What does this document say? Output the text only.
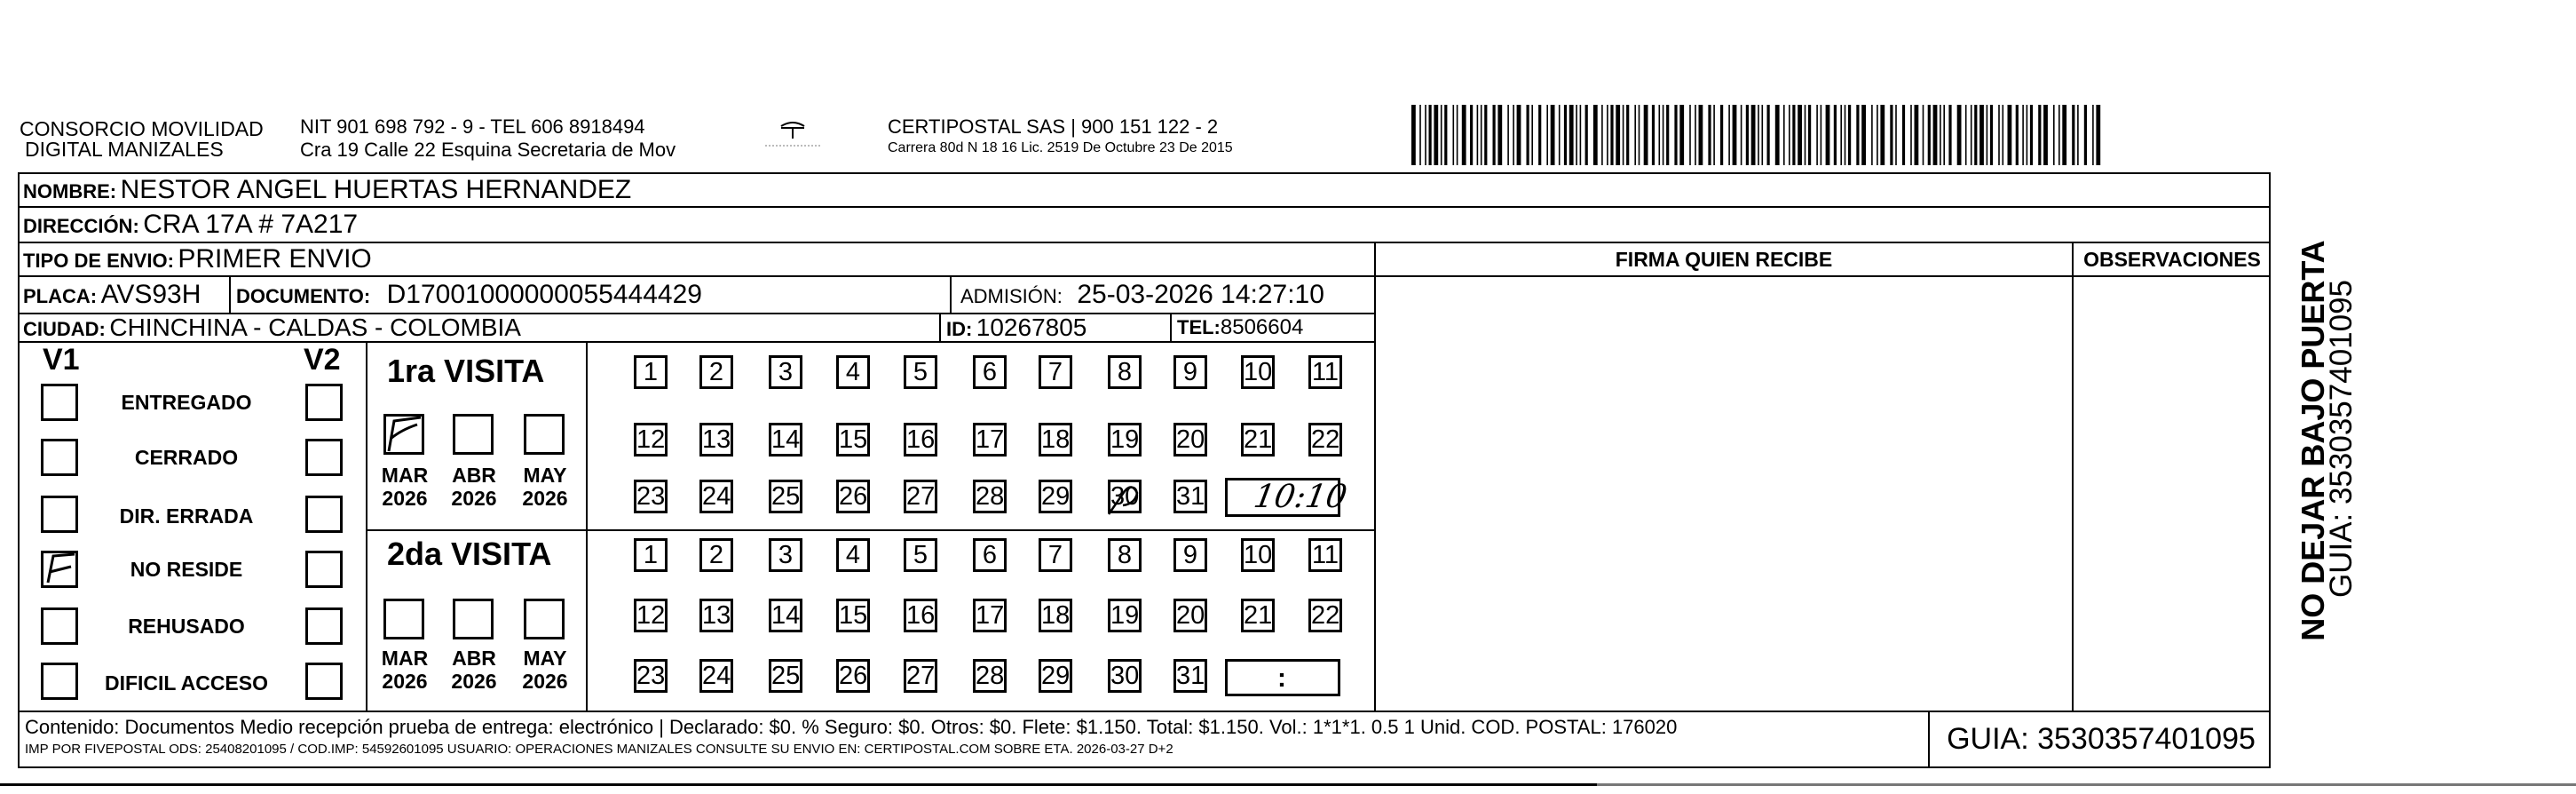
CONSORCIO MOVILIDAD
DIGITAL MANIZALES
NIT 901 698 792 - 9 - TEL 606 8918494
Cra 19 Calle 22 Esquina Secretaria de Mov
CERTIPOSTAL SAS | 900 151 122 - 2
Carrera 80d N 18 16 Lic. 2519 De Octubre 23 De 2015
NOMBRE: NESTOR ANGEL HUERTAS HERNANDEZ
DIRECCIÓN: CRA 17A # 7A217
TIPO DE ENVIO: PRIMER ENVIO	FIRMA QUIEN RECIBE	OBSERVACIONES
PLACA: AVS93H DOCUMENTO: D17001000000055444429	ADMISIÓN: 25-03-2026 14:27:10
CIUDAD: CHINCHINA - CALDAS - COLOMBIA	ID: 10267805	TEL:8506604
V1	V2
ENTREGADO
CERRADO
DIR. ERRADA
NO RESIDE
REHUSADO
DIFICIL ACCESO
1ra VISITA
MAR
2026
ABR
2026
MAY
2026
1	2	3	4	5	6	7	8	9	10 11
12 13 14 15 16 17 18 19 20 21 22
23 24 25 26 27 28 29 30 31 10:10
2da VISITA
MAR
2026
ABR
2026
MAY
2026
1	2	3	4	5	6	7	8	9	10 11
12 13 14 15 16 17 18 19 20 21 22
23 24 25 26 27 28 29 30 31	:
Contenido: Documentos Medio recepción prueba de entrega: electrónico | Declarado: $0. % Seguro: $0. Otros: $0. Flete: $1.150. Total: $1.150. Vol.: 1*1*1. 0.5 1 Unid. COD. POSTAL: 176020
IMP POR FIVEPOSTAL ODS: 25408201095 / COD.IMP: 54592601095 USUARIO: OPERACIONES MANIZALES CONSULTE SU ENVIO EN: CERTIPOSTAL.COM SOBRE ETA. 2026-03-27 D+2	GUIA: 3530357401095
NO DEJAR BAJO PUERTA
GUIA: 3530357401095
